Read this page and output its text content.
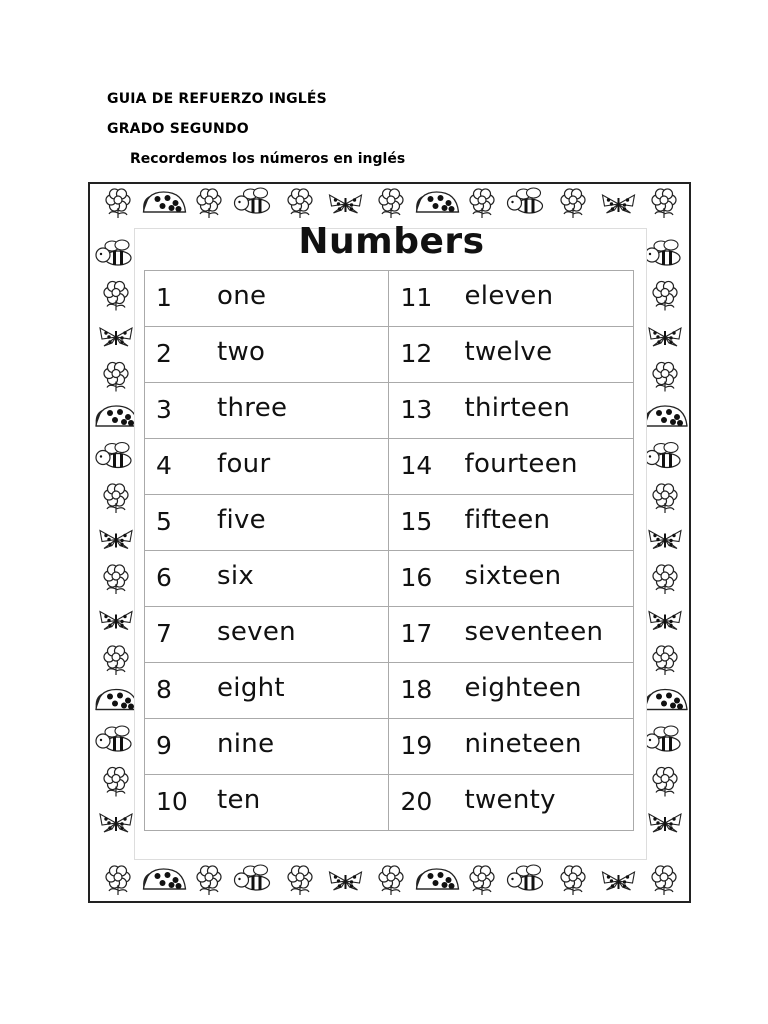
GUIA DE REFUERZO INGLÉS
GRADO SEGUNDO
Recordemos los números en inglés
Numbers
1 one	11 eleven

2 two	12 twelve

3 three	13 thirteen

4 four	14 fourteen

5 five	15 fifteen

6 six	16 sixteen

7 seven	17 seventeen

8 eight	18 eighteen

9 nine	19 nineteen

10 ten	20 twenty
